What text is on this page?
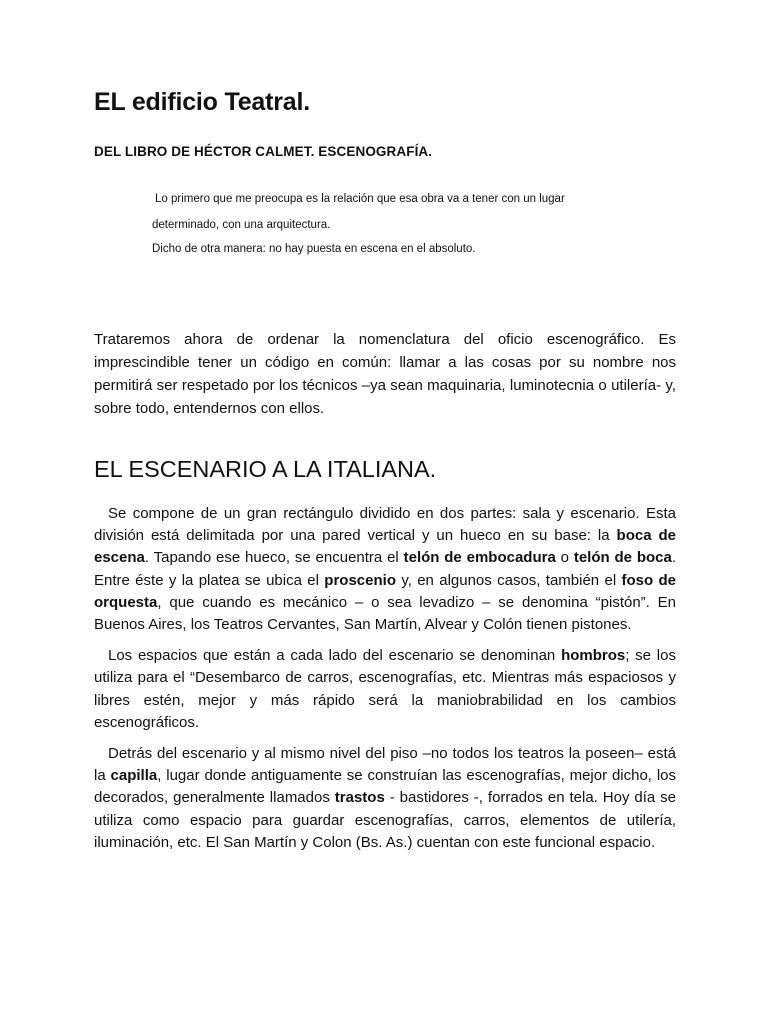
EL edificio Teatral.
DEL LIBRO DE HÉCTOR CALMET. ESCENOGRAFÍA.

Lo primero que me preocupa es la relación que esa obra va a tener con un lugar

determinado, con una arquitectura.

Dicho de otra manera: no hay puesta en escena en el absoluto.

Trataremos ahora de ordenar la nomenclatura del oficio escenográfico. Es imprescindible tener un código en común: llamar a las cosas por su nombre nos permitirá ser respetado por los técnicos –ya sean maquinaria, luminotecnia o utilería- y, sobre todo, entendernos con ellos.

EL ESCENARIO A LA ITALIANA.

Se compone de un gran rectángulo dividido en dos partes: sala y escenario. Esta división está delimitada por una pared vertical y un hueco en su base: la boca de escena. Tapando ese hueco, se encuentra el telón de embocadura o telón de boca. Entre éste y la platea se ubica el proscenio y, en algunos casos, también el foso de orquesta, que cuando es mecánico – o sea levadizo – se denomina “pistón”. En Buenos Aires, los Teatros Cervantes, San Martín, Alvear y Colón tienen pistones.

Los espacios que están a cada lado del escenario se denominan hombros; se los utiliza para el “Desembarco de carros, escenografías, etc. Mientras más espaciosos y libres estén, mejor y más rápido será la maniobrabilidad en los cambios escenográficos.

Detrás del escenario y al mismo nivel del piso –no todos los teatros la poseen– está la capilla, lugar donde antiguamente se construían las escenografías, mejor dicho, los decorados, generalmente llamados trastos - bastidores -, forrados en tela. Hoy día se utiliza como espacio para guardar escenografías, carros, elementos de utilería, iluminación, etc. El San Martín y Colon (Bs. As.) cuentan con este funcional espacio.
